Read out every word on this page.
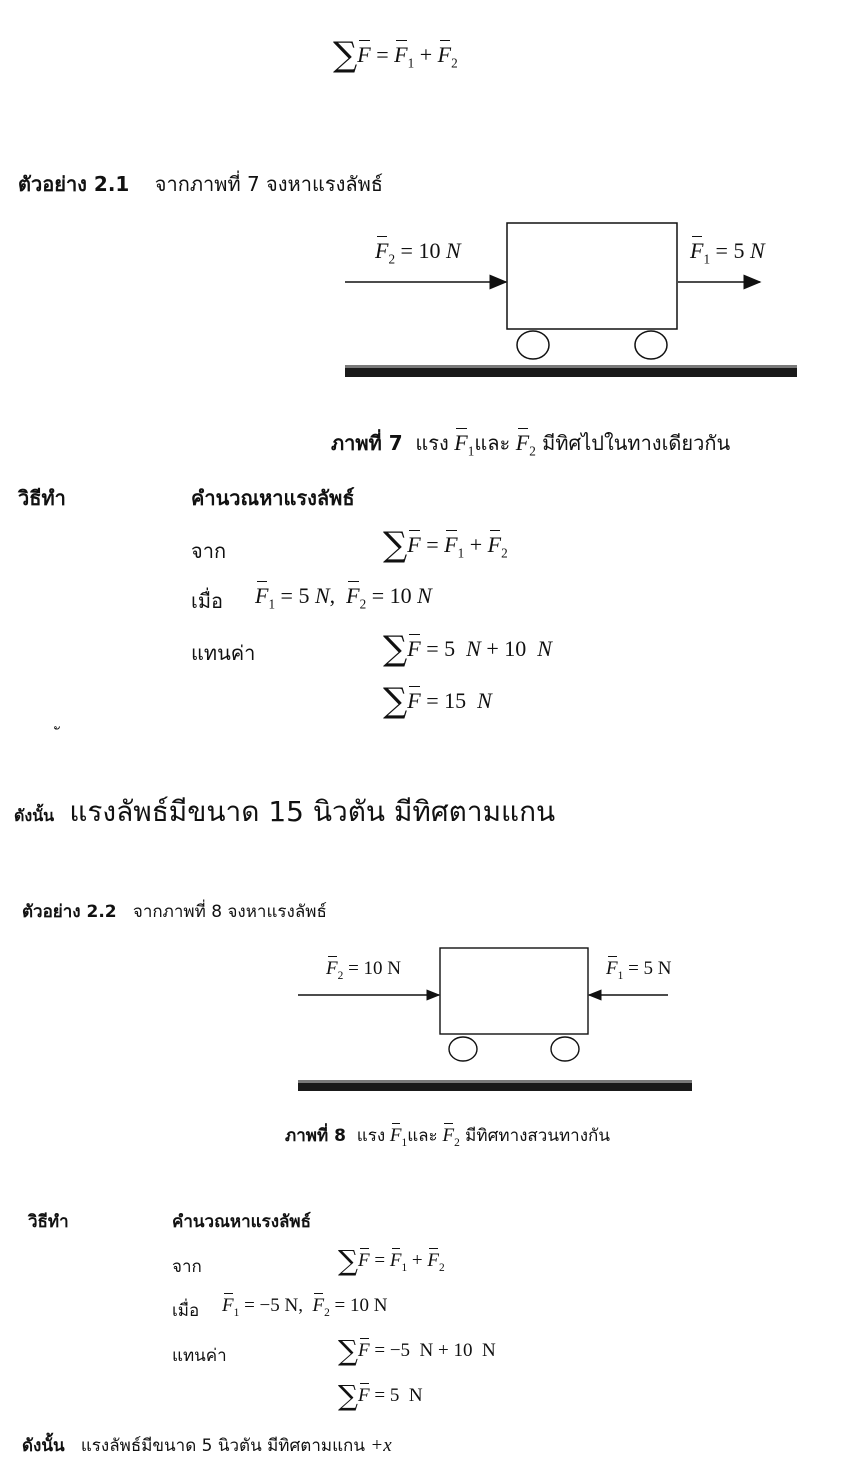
$\sum F = F_1 + F_2$
ตัวอย่าง 2.1 จากภาพที่ 7 จงหาแรงลัพธ์
$F_2 = 10$ N	$F_1 = 5$ N
ภาพที่ 7 แรง $F_1$และ $F_2$ มีทิศไปในทางเดียวกัน
วิธีทำ	คำนวณหาแรงลัพธ์
จาก	$\sum F = F_1 + F_2$
เมื่อ $F_1 = 5$ N,  $F_2 = 10$ N
แทนค่า	∑F = 5 N + 10 N
∑F = 15 N
ดังนั้น แรงลัพธ์มีขนาด 15 นิวตัน มีทิศตามแกน
ตัวอย่าง 2.2 จากภาพที่ 8 จงหาแรงลัพธ์
$F_2 = 10$ N	$F_1 = 5$ N
ภาพที่ 8 แรง $F_1$และ $F_2$ มีทิศทางสวนทางกัน
วิธีทำ	คำนวณหาแรงลัพธ์
จาก	$\sum F = F_1 + F_2$
เมื่อ $F_1 = -5$ N,  $F_2 = 10$ N
แทนค่า	∑F = −5 N + 10 N
∑F = 5 N
ดังนั้น แรงลัพธ์มีขนาด 5 นิวตัน มีทิศตามแกน +x
